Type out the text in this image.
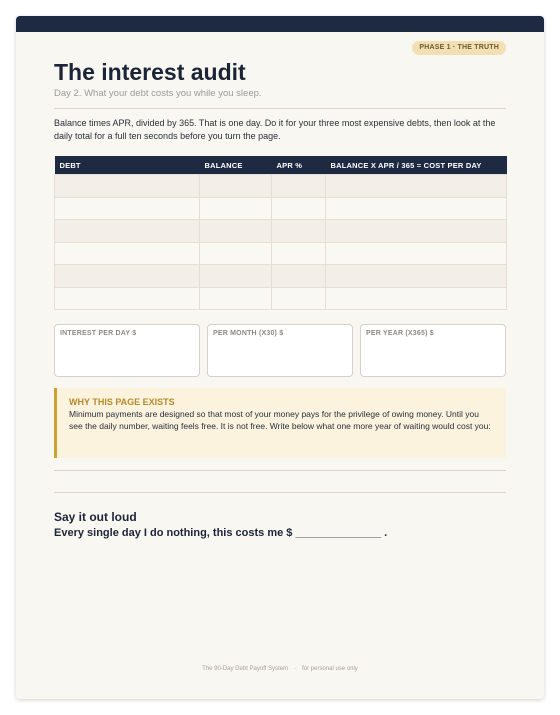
PHASE 1 · THE TRUTH
The interest audit
Day 2. What your debt costs you while you sleep.

Balance times APR, divided by 365. That is one day. Do it for your three most expensive debts, then look at the daily total for a full ten seconds before you turn the page.

DEBT	BALANCE	APR %	BALANCE X APR / 365 = COST PER DAY

INTEREST PER DAY $	PER MONTH (X30) $	PER YEAR (X365) $
WHY THIS PAGE EXISTS

Minimum payments are designed so that most of your money pays for the privilege of owing money. Until you see the daily number, waiting feels free. It is not free. Write below what one more year of waiting would cost you:

Say it out loud
Every single day I do nothing, this costs me $ ______________ .
The 90-Day Debt Payoff System · for personal use only
